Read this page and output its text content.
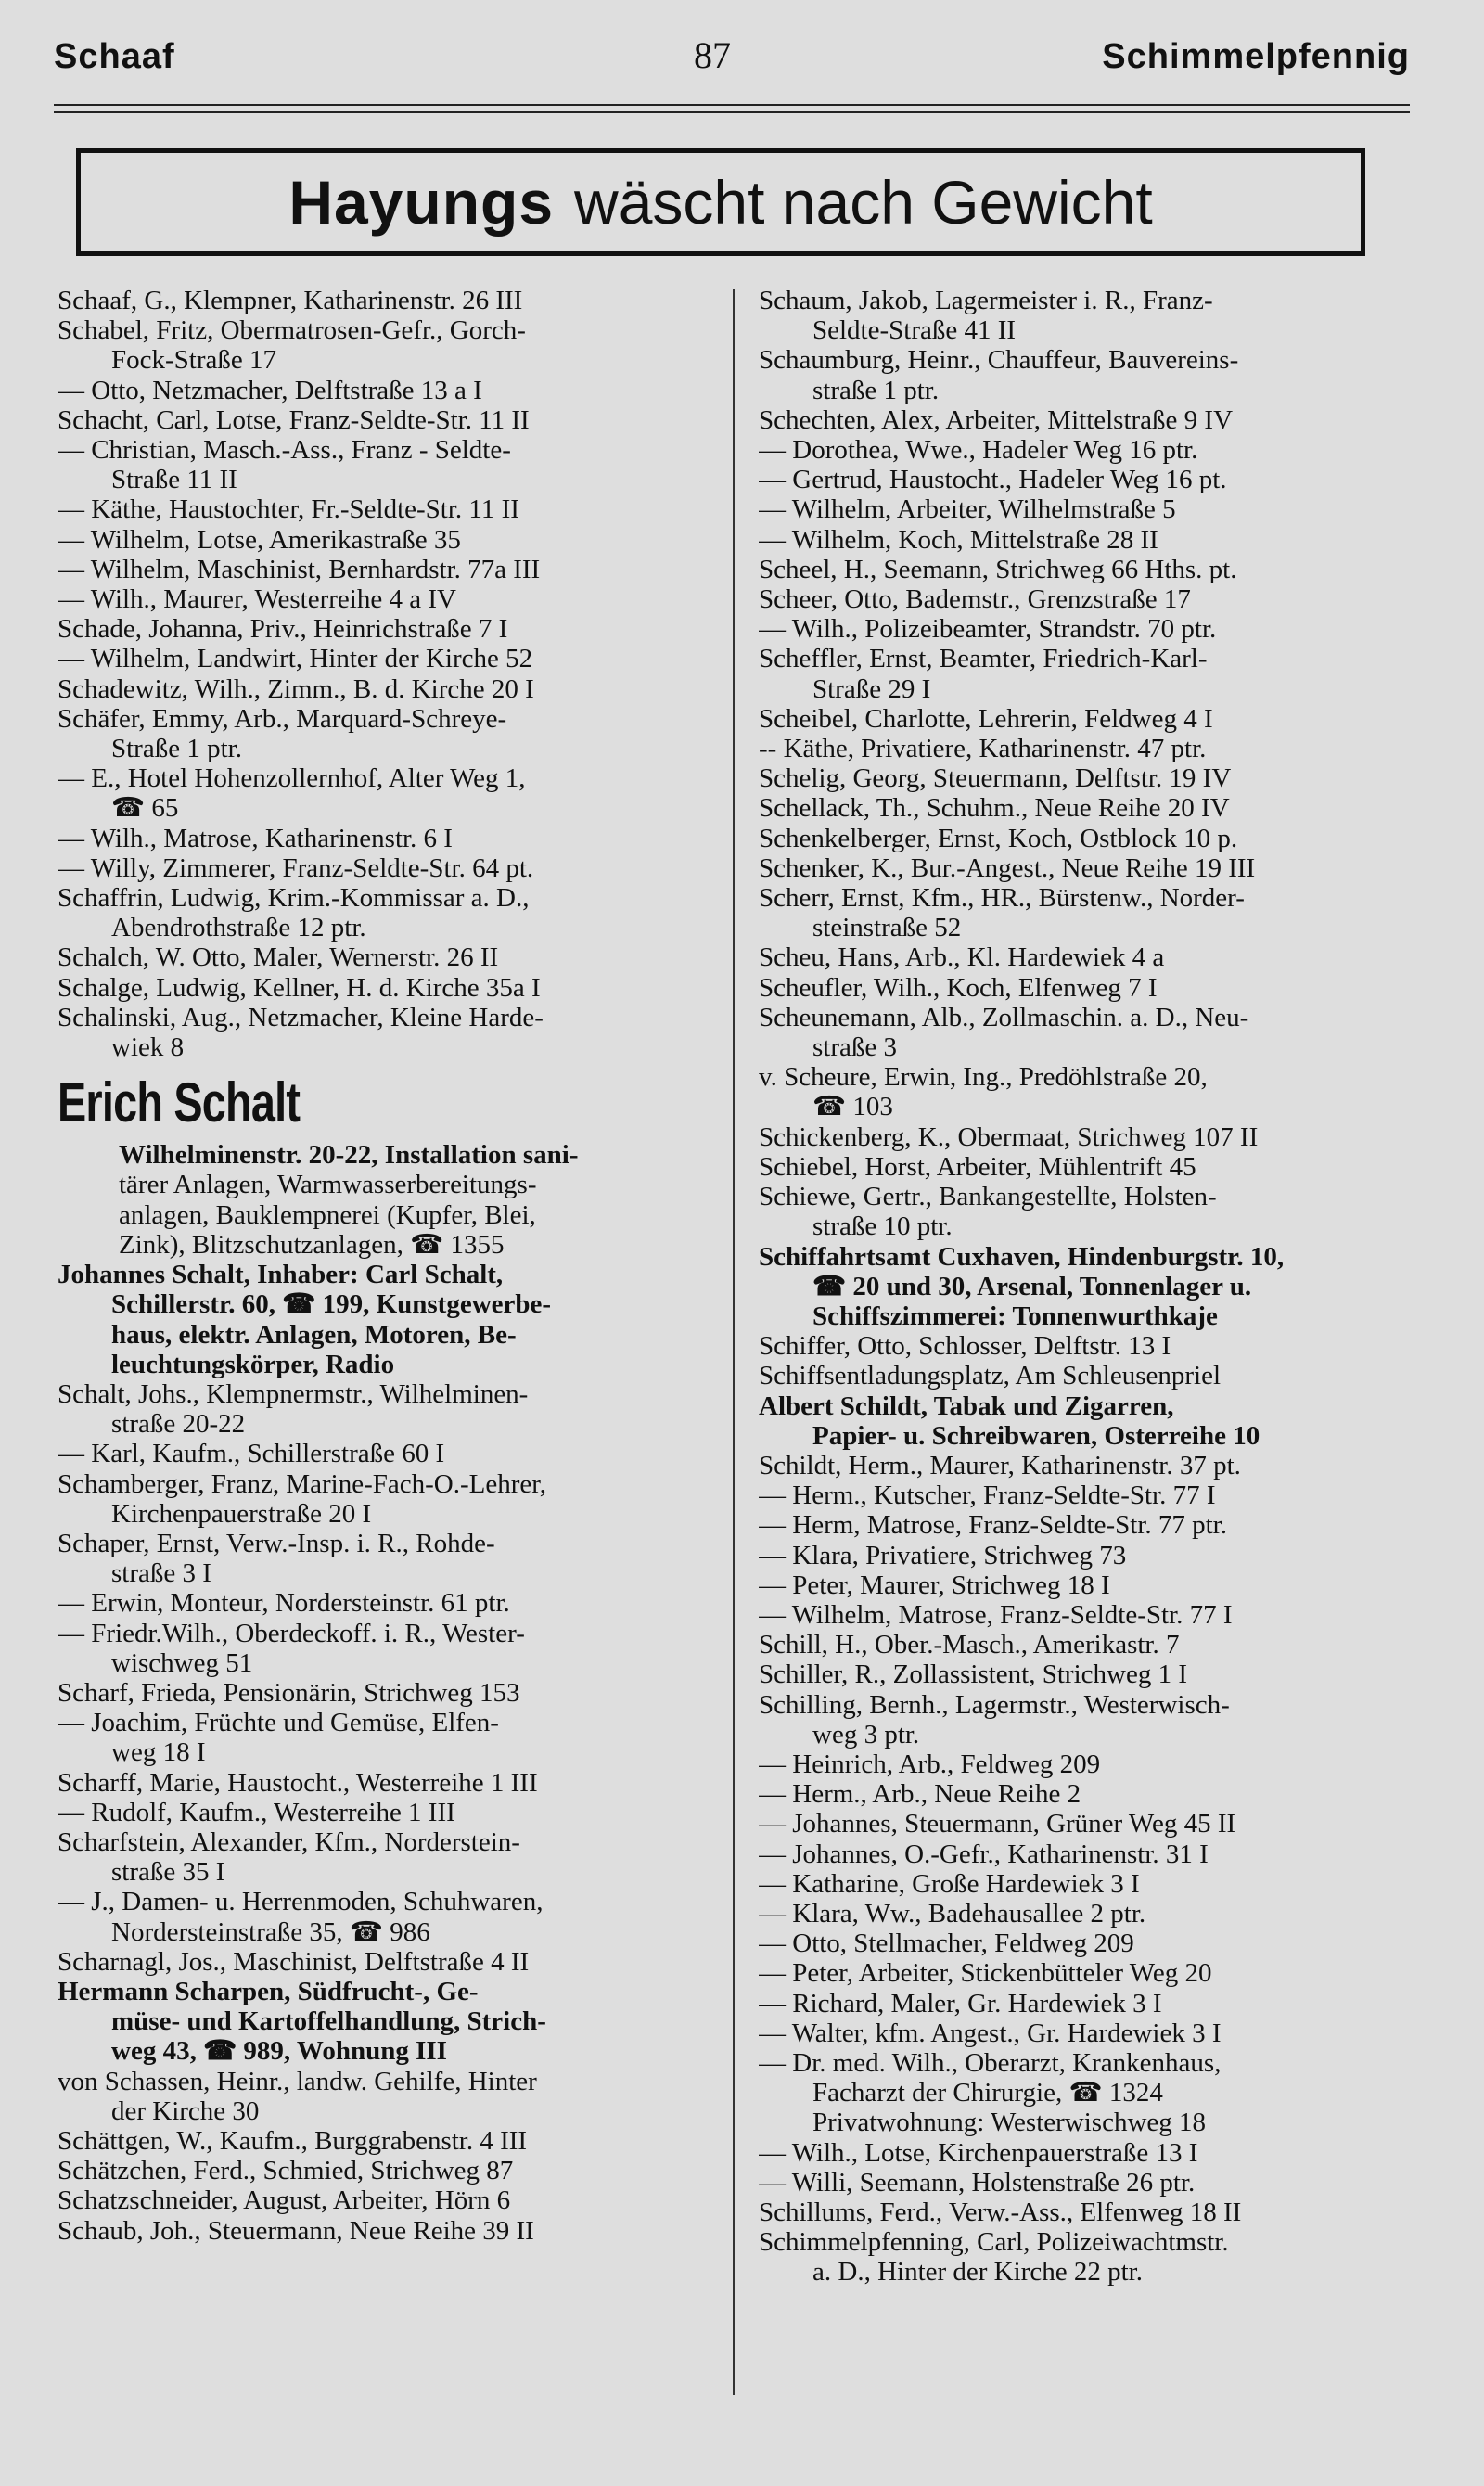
Schaaf	87	Schimmelpfennig
Hayungs wäscht nach Gewicht
Schaaf, G., Klempner, Katharinenstr. 26 III
Schabel, Fritz, Obermatrosen-Gefr., Gorch-
Fock-Straße 17
— Otto, Netzmacher, Delftstraße 13 a I
Schacht, Carl, Lotse, Franz-Seldte-Str. 11 II
— Christian, Masch.-Ass., Franz - Seldte-
Straße 11 II
— Käthe, Haustochter, Fr.-Seldte-Str. 11 II
— Wilhelm, Lotse, Amerikastraße 35
— Wilhelm, Maschinist, Bernhardstr. 77a III
— Wilh., Maurer, Westerreihe 4 a IV
Schade, Johanna, Priv., Heinrichstraße 7 I
— Wilhelm, Landwirt, Hinter der Kirche 52
Schadewitz, Wilh., Zimm., B. d. Kirche 20 I
Schäfer, Emmy, Arb., Marquard-Schreye-
Straße 1 ptr.
— E., Hotel Hohenzollernhof, Alter Weg 1,
☎ 65
— Wilh., Matrose, Katharinenstr. 6 I
— Willy, Zimmerer, Franz-Seldte-Str. 64 pt.
Schaffrin, Ludwig, Krim.-Kommissar a. D.,
Abendrothstraße 12 ptr.
Schalch, W. Otto, Maler, Wernerstr. 26 II
Schalge, Ludwig, Kellner, H. d. Kirche 35a I
Schalinski, Aug., Netzmacher, Kleine Harde-
wiek 8
Erich Schalt
Wilhelminenstr. 20-22, Installation sani-
tärer Anlagen, Warmwasserbereitungs-
anlagen, Bauklempnerei (Kupfer, Blei,
Zink), Blitzschutzanlagen, ☎ 1355
Johannes Schalt, Inhaber: Carl Schalt,
Schillerstr. 60, ☎ 199, Kunstgewerbe-
haus, elektr. Anlagen, Motoren, Be-
leuchtungskörper, Radio
Schalt, Johs., Klempnermstr., Wilhelminen-
straße 20-22
— Karl, Kaufm., Schillerstraße 60 I
Schamberger, Franz, Marine-Fach-O.-Lehrer,
Kirchenpauerstraße 20 I
Schaper, Ernst, Verw.-Insp. i. R., Rohde-
straße 3 I
— Erwin, Monteur, Nordersteinstr. 61 ptr.
— Friedr.Wilh., Oberdeckoff. i. R., Wester-
wischweg 51
Scharf, Frieda, Pensionärin, Strichweg 153
— Joachim, Früchte und Gemüse, Elfen-
weg 18 I
Scharff, Marie, Haustocht., Westerreihe 1 III
— Rudolf, Kaufm., Westerreihe 1 III
Scharfstein, Alexander, Kfm., Norderstein-
straße 35 I
— J., Damen- u. Herrenmoden, Schuhwaren,
Nordersteinstraße 35, ☎ 986
Scharnagl, Jos., Maschinist, Delftstraße 4 II
Hermann Scharpen, Südfrucht-, Ge-
müse- und Kartoffelhandlung, Strich-
weg 43, ☎ 989, Wohnung III
von Schassen, Heinr., landw. Gehilfe, Hinter
der Kirche 30
Schättgen, W., Kaufm., Burggrabenstr. 4 III
Schätzchen, Ferd., Schmied, Strichweg 87
Schatzschneider, August, Arbeiter, Hörn 6
Schaub, Joh., Steuermann, Neue Reihe 39 II
Schaum, Jakob, Lagermeister i. R., Franz-
Seldte-Straße 41 II
Schaumburg, Heinr., Chauffeur, Bauvereins-
straße 1 ptr.
Schechten, Alex, Arbeiter, Mittelstraße 9 IV
— Dorothea, Wwe., Hadeler Weg 16 ptr.
— Gertrud, Haustocht., Hadeler Weg 16 pt.
— Wilhelm, Arbeiter, Wilhelmstraße 5
— Wilhelm, Koch, Mittelstraße 28 II
Scheel, H., Seemann, Strichweg 66 Hths. pt.
Scheer, Otto, Bademstr., Grenzstraße 17
— Wilh., Polizeibeamter, Strandstr. 70 ptr.
Scheffler, Ernst, Beamter, Friedrich-Karl-
Straße 29 I
Scheibel, Charlotte, Lehrerin, Feldweg 4 I
-- Käthe, Privatiere, Katharinenstr. 47 ptr.
Schelig, Georg, Steuermann, Delftstr. 19 IV
Schellack, Th., Schuhm., Neue Reihe 20 IV
Schenkelberger, Ernst, Koch, Ostblock 10 p.
Schenker, K., Bur.-Angest., Neue Reihe 19 III
Scherr, Ernst, Kfm., HR., Bürstenw., Norder-
steinstraße 52
Scheu, Hans, Arb., Kl. Hardewiek 4 a
Scheufler, Wilh., Koch, Elfenweg 7 I
Scheunemann, Alb., Zollmaschin. a. D., Neu-
straße 3
v. Scheure, Erwin, Ing., Predöhlstraße 20,
☎ 103
Schickenberg, K., Obermaat, Strichweg 107 II
Schiebel, Horst, Arbeiter, Mühlentrift 45
Schiewe, Gertr., Bankangestellte, Holsten-
straße 10 ptr.
Schiffahrtsamt Cuxhaven, Hindenburgstr. 10,
☎ 20 und 30, Arsenal, Tonnenlager u.
Schiffszimmerei: Tonnenwurthkaje
Schiffer, Otto, Schlosser, Delftstr. 13 I
Schiffsentladungsplatz, Am Schleusenpriel
Albert Schildt, Tabak und Zigarren,
Papier- u. Schreibwaren, Osterreihe 10
Schildt, Herm., Maurer, Katharinenstr. 37 pt.
— Herm., Kutscher, Franz-Seldte-Str. 77 I
— Herm, Matrose, Franz-Seldte-Str. 77 ptr.
— Klara, Privatiere, Strichweg 73
— Peter, Maurer, Strichweg 18 I
— Wilhelm, Matrose, Franz-Seldte-Str. 77 I
Schill, H., Ober.-Masch., Amerikastr. 7
Schiller, R., Zollassistent, Strichweg 1 I
Schilling, Bernh., Lagermstr., Westerwisch-
weg 3 ptr.
— Heinrich, Arb., Feldweg 209
— Herm., Arb., Neue Reihe 2
— Johannes, Steuermann, Grüner Weg 45 II
— Johannes, O.-Gefr., Katharinenstr. 31 I
— Katharine, Große Hardewiek 3 I
— Klara, Ww., Badehausallee 2 ptr.
— Otto, Stellmacher, Feldweg 209
— Peter, Arbeiter, Stickenbütteler Weg 20
— Richard, Maler, Gr. Hardewiek 3 I
— Walter, kfm. Angest., Gr. Hardewiek 3 I
— Dr. med. Wilh., Oberarzt, Krankenhaus,
Facharzt der Chirurgie, ☎ 1324
Privatwohnung: Westerwischweg 18
— Wilh., Lotse, Kirchenpauerstraße 13 I
— Willi, Seemann, Holstenstraße 26 ptr.
Schillums, Ferd., Verw.-Ass., Elfenweg 18 II
Schimmelpfenning, Carl, Polizeiwachtmstr.
a. D., Hinter der Kirche 22 ptr.
